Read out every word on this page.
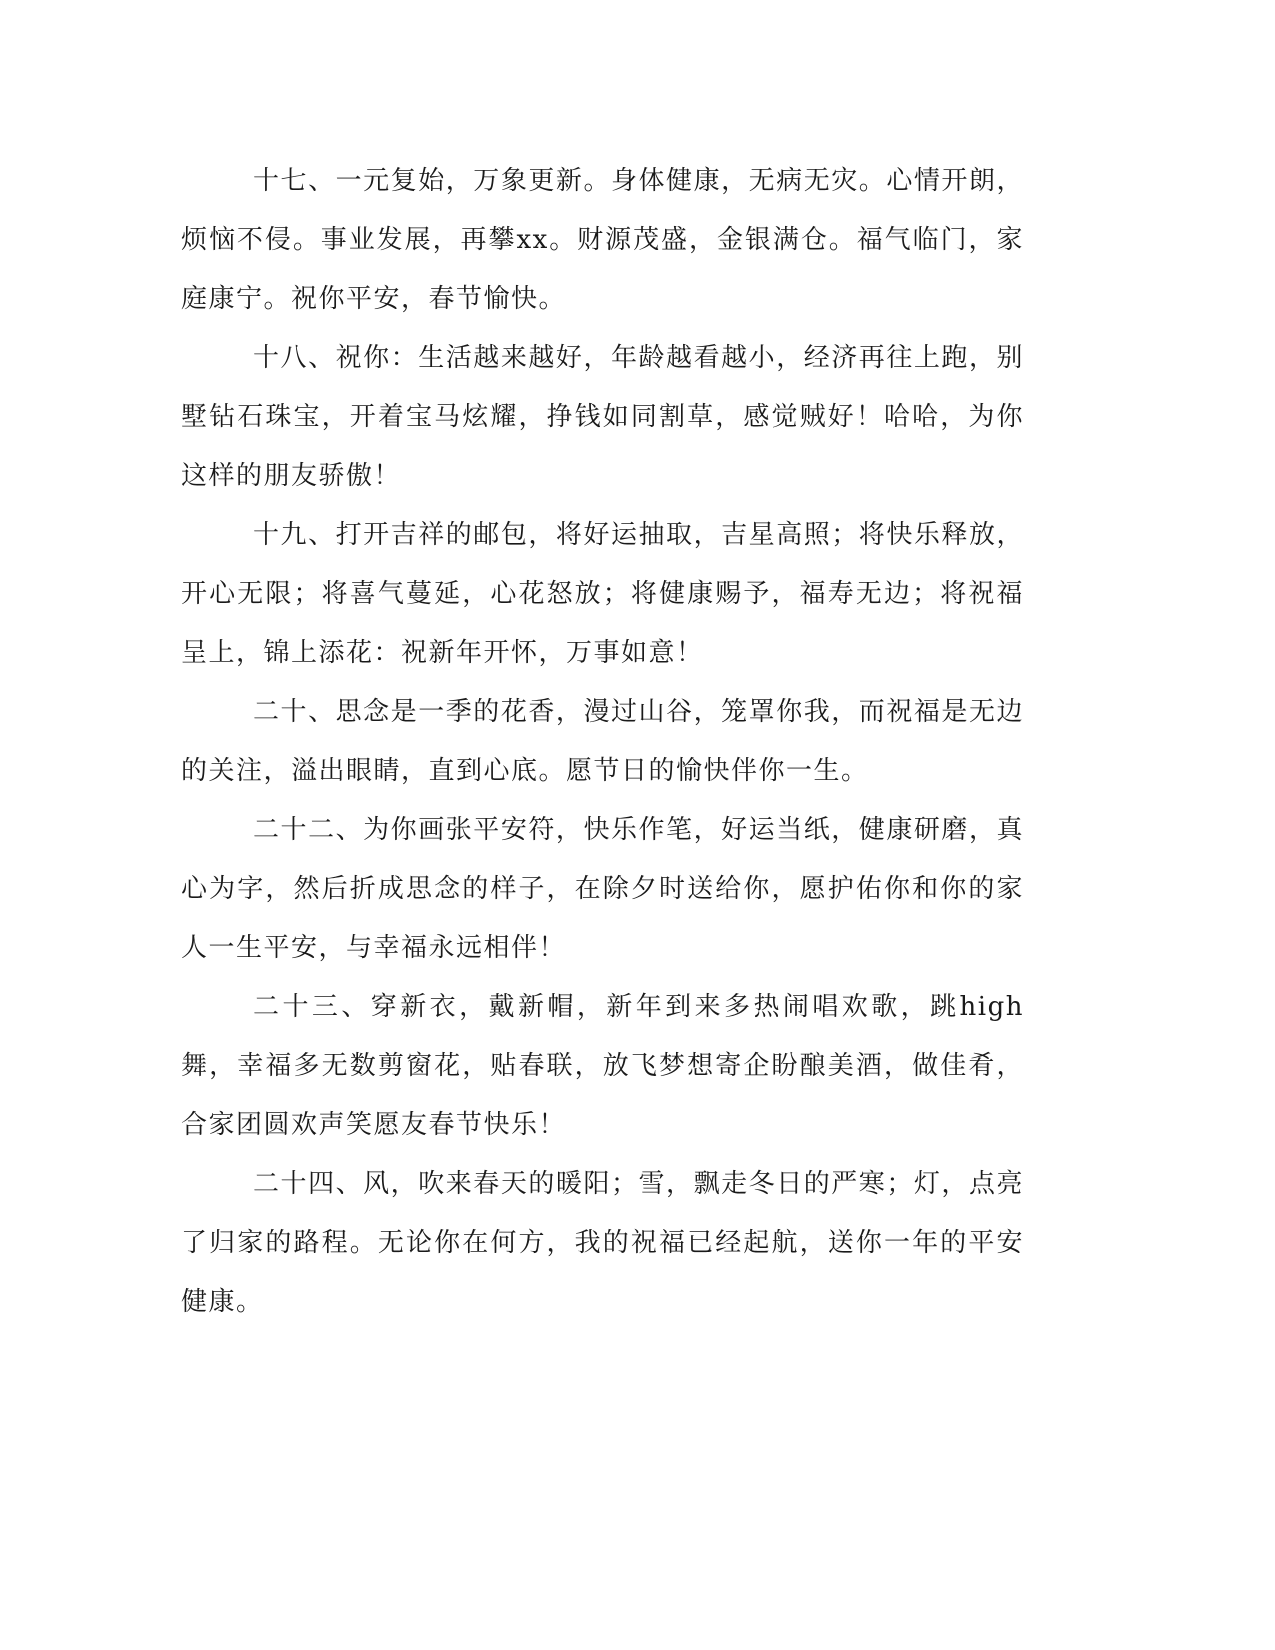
十七、一元复始，万象更新。身体健康，无病无灾。心情开朗，烦恼不侵。事业发展，再攀xx。财源茂盛，金银满仓。福气临门，家庭康宁。祝你平安，春节愉快。

十八、祝你：生活越来越好，年龄越看越小，经济再往上跑，别墅钻石珠宝，开着宝马炫耀，挣钱如同割草，感觉贼好！哈哈，为你这样的朋友骄傲！

十九、打开吉祥的邮包，将好运抽取，吉星高照；将快乐释放，开心无限；将喜气蔓延，心花怒放；将健康赐予，福寿无边；将祝福呈上，锦上添花：祝新年开怀，万事如意！

二十、思念是一季的花香，漫过山谷，笼罩你我，而祝福是无边的关注，溢出眼睛，直到心底。愿节日的愉快伴你一生。

二十二、为你画张平安符，快乐作笔，好运当纸，健康研磨，真心为字，然后折成思念的样子，在除夕时送给你，愿护佑你和你的家人一生平安，与幸福永远相伴！

二十三、穿新衣，戴新帽，新年到来多热闹唱欢歌，跳high舞，幸福多无数剪窗花，贴春联，放飞梦想寄企盼酿美酒，做佳肴，合家团圆欢声笑愿友春节快乐！

二十四、风，吹来春天的暖阳；雪，飘走冬日的严寒；灯，点亮了归家的路程。无论你在何方，我的祝福已经起航，送你一年的平安健康。
